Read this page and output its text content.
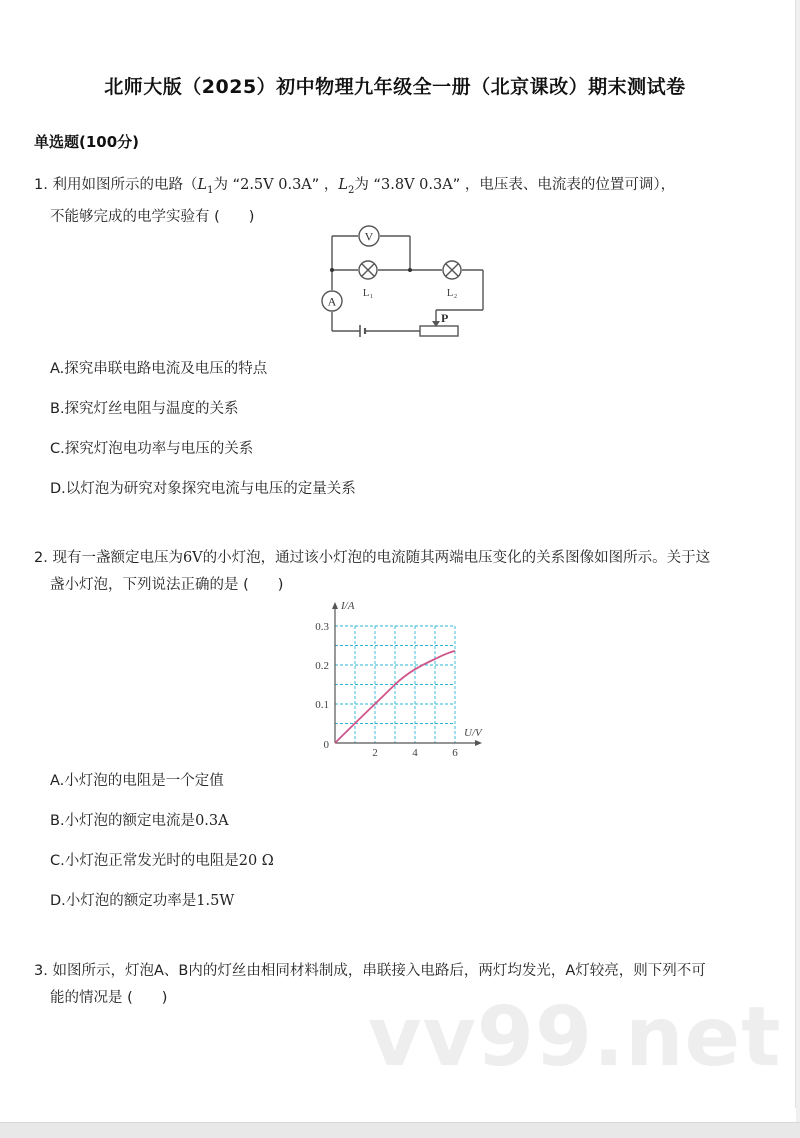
北师大版（2025）初中物理九年级全一册（北京课改）期末测试卷
单选题(100分)
1. 利用如图所示的电路（$L_1$为 “2.5V 0.3A” ，$L_2$为 “3.8V 0.3A” ，电压表、电流表的位置可调），
不能够完成的电学实验有 (　　)
V
A
L₁	L₂
P
A.探究串联电路电流及电压的特点
B.探究灯丝电阻与温度的关系
C.探究灯泡电功率与电压的关系
D.以灯泡为研究对象探究电流与电压的定量关系
2. 现有一盏额定电压为6V的小灯泡，通过该小灯泡的电流随其两端电压变化的关系图像如图所示。关于这
盏小灯泡，下列说法正确的是 (　　)
0.3
0.2
0.1
0
2	4	6
I/A
U/V
A.小灯泡的电阻是一个定值
B.小灯泡的额定电流是0.3A
C.小灯泡正常发光时的电阻是20 Ω
D.小灯泡的额定功率是1.5W
3. 如图所示，灯泡A、B内的灯丝由相同材料制成，串联接入电路后，两灯均发光，A灯较亮，则下列不可
能的情况是 (　　)	vv99.net
